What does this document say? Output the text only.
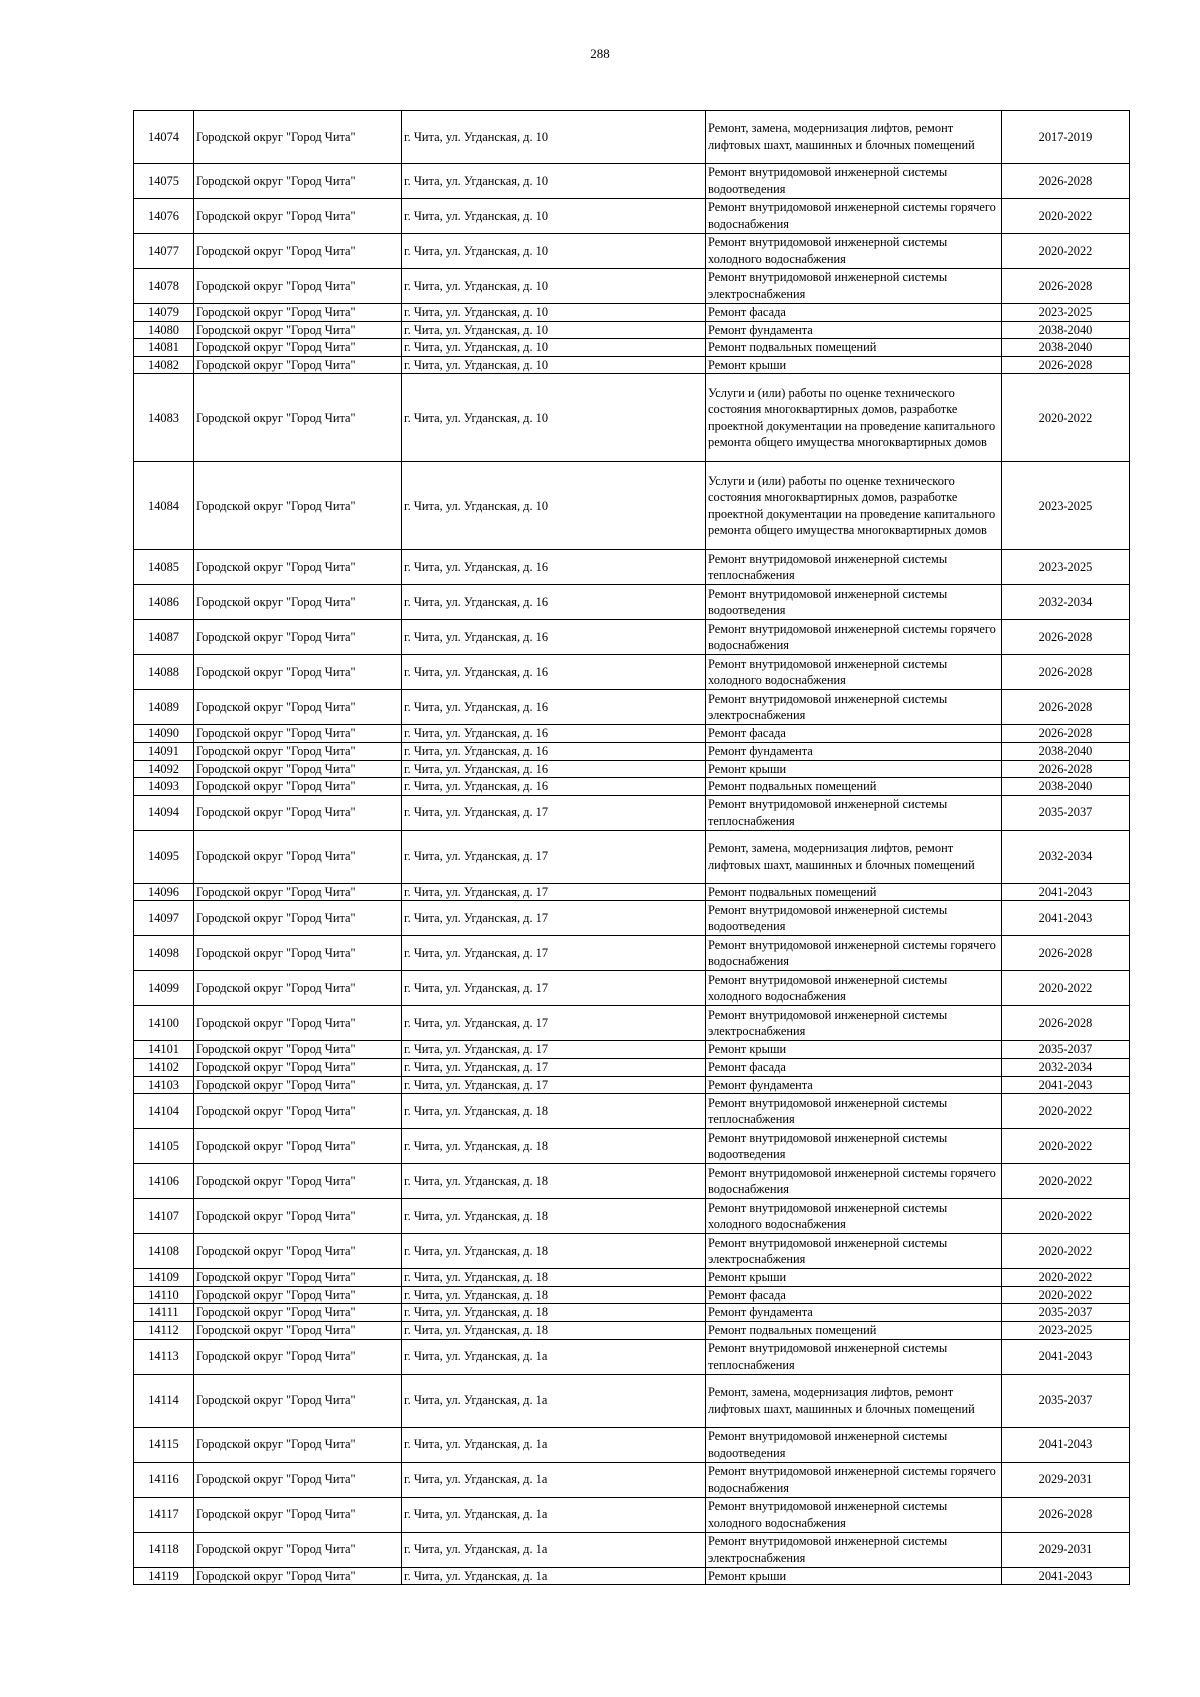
288
14074	Городской округ "Город Чита"	г. Чита, ул. Угданская, д. 10	Ремонт, замена, модернизация лифтов, ремонт лифтовых шахт, машинных и блочных помещений	2017-2019
14075	Городской округ "Город Чита"	г. Чита, ул. Угданская, д. 10	Ремонт внутридомовой инженерной системы водоотведения	2026-2028
14076	Городской округ "Город Чита"	г. Чита, ул. Угданская, д. 10	Ремонт внутридомовой инженерной системы горячего водоснабжения	2020-2022
14077	Городской округ "Город Чита"	г. Чита, ул. Угданская, д. 10	Ремонт внутридомовой инженерной системы холодного водоснабжения	2020-2022
14078	Городской округ "Город Чита"	г. Чита, ул. Угданская, д. 10	Ремонт внутридомовой инженерной системы электроснабжения	2026-2028
14079	Городской округ "Город Чита"	г. Чита, ул. Угданская, д. 10	Ремонт фасада	2023-2025
14080	Городской округ "Город Чита"	г. Чита, ул. Угданская, д. 10	Ремонт фундамента	2038-2040
14081	Городской округ "Город Чита"	г. Чита, ул. Угданская, д. 10	Ремонт подвальных помещений	2038-2040
14082	Городской округ "Город Чита"	г. Чита, ул. Угданская, д. 10	Ремонт крыши	2026-2028
14083	Городской округ "Город Чита"	г. Чита, ул. Угданская, д. 10	Услуги и (или) работы по оценке технического состояния многоквартирных домов, разработке проектной документации на проведение капитального ремонта общего имущества многоквартирных домов	2020-2022
14084	Городской округ "Город Чита"	г. Чита, ул. Угданская, д. 10	Услуги и (или) работы по оценке технического состояния многоквартирных домов, разработке проектной документации на проведение капитального ремонта общего имущества многоквартирных домов	2023-2025
14085	Городской округ "Город Чита"	г. Чита, ул. Угданская, д. 16	Ремонт внутридомовой инженерной системы теплоснабжения	2023-2025
14086	Городской округ "Город Чита"	г. Чита, ул. Угданская, д. 16	Ремонт внутридомовой инженерной системы водоотведения	2032-2034
14087	Городской округ "Город Чита"	г. Чита, ул. Угданская, д. 16	Ремонт внутридомовой инженерной системы горячего водоснабжения	2026-2028
14088	Городской округ "Город Чита"	г. Чита, ул. Угданская, д. 16	Ремонт внутридомовой инженерной системы холодного водоснабжения	2026-2028
14089	Городской округ "Город Чита"	г. Чита, ул. Угданская, д. 16	Ремонт внутридомовой инженерной системы электроснабжения	2026-2028
14090	Городской округ "Город Чита"	г. Чита, ул. Угданская, д. 16	Ремонт фасада	2026-2028
14091	Городской округ "Город Чита"	г. Чита, ул. Угданская, д. 16	Ремонт фундамента	2038-2040
14092	Городской округ "Город Чита"	г. Чита, ул. Угданская, д. 16	Ремонт крыши	2026-2028
14093	Городской округ "Город Чита"	г. Чита, ул. Угданская, д. 16	Ремонт подвальных помещений	2038-2040
14094	Городской округ "Город Чита"	г. Чита, ул. Угданская, д. 17	Ремонт внутридомовой инженерной системы теплоснабжения	2035-2037
14095	Городской округ "Город Чита"	г. Чита, ул. Угданская, д. 17	Ремонт, замена, модернизация лифтов, ремонт лифтовых шахт, машинных и блочных помещений	2032-2034
14096	Городской округ "Город Чита"	г. Чита, ул. Угданская, д. 17	Ремонт подвальных помещений	2041-2043
14097	Городской округ "Город Чита"	г. Чита, ул. Угданская, д. 17	Ремонт внутридомовой инженерной системы водоотведения	2041-2043
14098	Городской округ "Город Чита"	г. Чита, ул. Угданская, д. 17	Ремонт внутридомовой инженерной системы горячего водоснабжения	2026-2028
14099	Городской округ "Город Чита"	г. Чита, ул. Угданская, д. 17	Ремонт внутридомовой инженерной системы холодного водоснабжения	2020-2022
14100	Городской округ "Город Чита"	г. Чита, ул. Угданская, д. 17	Ремонт внутридомовой инженерной системы электроснабжения	2026-2028
14101	Городской округ "Город Чита"	г. Чита, ул. Угданская, д. 17	Ремонт крыши	2035-2037
14102	Городской округ "Город Чита"	г. Чита, ул. Угданская, д. 17	Ремонт фасада	2032-2034
14103	Городской округ "Город Чита"	г. Чита, ул. Угданская, д. 17	Ремонт фундамента	2041-2043
14104	Городской округ "Город Чита"	г. Чита, ул. Угданская, д. 18	Ремонт внутридомовой инженерной системы теплоснабжения	2020-2022
14105	Городской округ "Город Чита"	г. Чита, ул. Угданская, д. 18	Ремонт внутридомовой инженерной системы водоотведения	2020-2022
14106	Городской округ "Город Чита"	г. Чита, ул. Угданская, д. 18	Ремонт внутридомовой инженерной системы горячего водоснабжения	2020-2022
14107	Городской округ "Город Чита"	г. Чита, ул. Угданская, д. 18	Ремонт внутридомовой инженерной системы холодного водоснабжения	2020-2022
14108	Городской округ "Город Чита"	г. Чита, ул. Угданская, д. 18	Ремонт внутридомовой инженерной системы электроснабжения	2020-2022
14109	Городской округ "Город Чита"	г. Чита, ул. Угданская, д. 18	Ремонт крыши	2020-2022
14110	Городской округ "Город Чита"	г. Чита, ул. Угданская, д. 18	Ремонт фасада	2020-2022
14111	Городской округ "Город Чита"	г. Чита, ул. Угданская, д. 18	Ремонт фундамента	2035-2037
14112	Городской округ "Город Чита"	г. Чита, ул. Угданская, д. 18	Ремонт подвальных помещений	2023-2025
14113	Городской округ "Город Чита"	г. Чита, ул. Угданская, д. 1а	Ремонт внутридомовой инженерной системы теплоснабжения	2041-2043
14114	Городской округ "Город Чита"	г. Чита, ул. Угданская, д. 1а	Ремонт, замена, модернизация лифтов, ремонт лифтовых шахт, машинных и блочных помещений	2035-2037
14115	Городской округ "Город Чита"	г. Чита, ул. Угданская, д. 1а	Ремонт внутридомовой инженерной системы водоотведения	2041-2043
14116	Городской округ "Город Чита"	г. Чита, ул. Угданская, д. 1а	Ремонт внутридомовой инженерной системы горячего водоснабжения	2029-2031
14117	Городской округ "Город Чита"	г. Чита, ул. Угданская, д. 1а	Ремонт внутридомовой инженерной системы холодного водоснабжения	2026-2028
14118	Городской округ "Город Чита"	г. Чита, ул. Угданская, д. 1а	Ремонт внутридомовой инженерной системы электроснабжения	2029-2031
14119	Городской округ "Город Чита"	г. Чита, ул. Угданская, д. 1а	Ремонт крыши	2041-2043
